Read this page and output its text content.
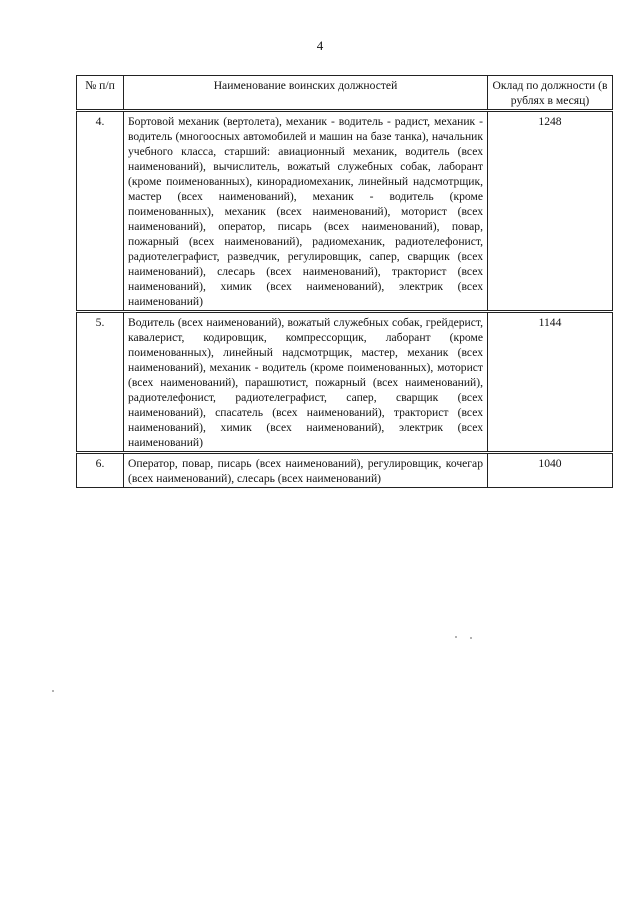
4
№ п/п	Наименование воинских должностей	Оклад по должности (в рублях в месяц)
4.	Бортовой механик (вертолета), механик - водитель - радист, механик - водитель (многоосных автомобилей и машин на базе танка), начальник учебного класса, старший: авиационный механик, водитель (всех наименований), вычислитель, вожатый служебных собак, лаборант (кроме поименованных), кинорадиомеханик, линейный надсмотрщик, мастер (всех наименований), механик - водитель (кроме поименованных), механик (всех наименований), моторист (всех наименований), оператор, писарь (всех наименований), повар, пожарный (всех наименований), радиомеханик, радиотелефонист, радиотелеграфист, разведчик, регулировщик, сапер, сварщик (всех наименований), слесарь (всех наименований), тракторист (всех наименований), химик (всех наименований), электрик (всех наименований)	1248
5.	Водитель (всех наименований), вожатый служебных собак, грейдерист, кавалерист, кодировщик, компрессорщик, лаборант (кроме поименованных), линейный надсмотрщик, мастер, механик (всех наименований), механик - водитель (кроме поименованных), моторист (всех наименований), парашютист, пожарный (всех наименований), радиотелефонист, радиотелеграфист, сапер, сварщик (всех наименований), спасатель (всех наименований), тракторист (всех наименований), химик (всех наименований), электрик (всех наименований)	1144
6.	Оператор, повар, писарь (всех наименований), регулировщик, кочегар (всех наименований), слесарь (всех наименований)	1040
